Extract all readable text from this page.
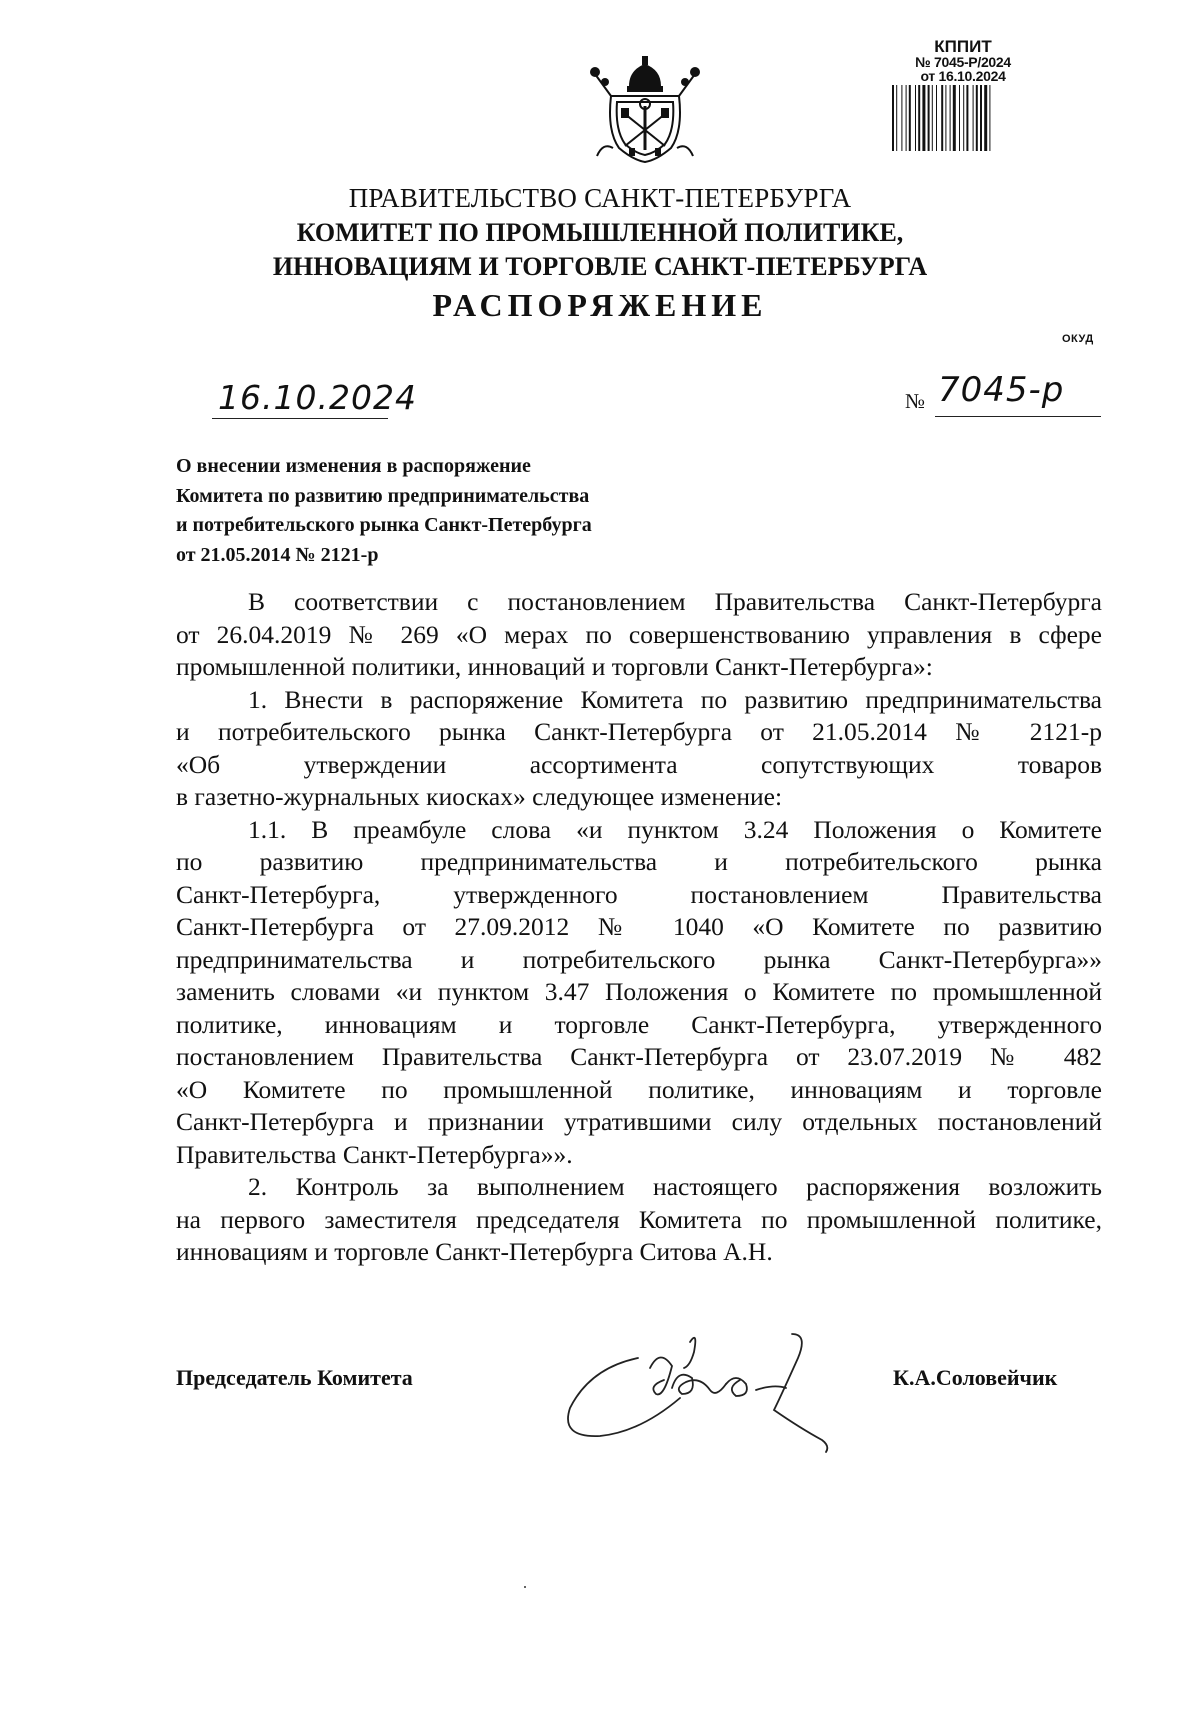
КППИТ
№ 7045-Р/2024
от 16.10.2024
ПРАВИТЕЛЬСТВО САНКТ-ПЕТЕРБУРГА
КОМИТЕТ ПО ПРОМЫШЛЕННОЙ ПОЛИТИКЕ,
ИННОВАЦИЯМ И ТОРГОВЛЕ САНКТ-ПЕТЕРБУРГА
РАСПОРЯЖЕНИЕ
ОКУД
16.10.2024	№ 7045-р
О внесении изменения в распоряжение
Комитета по развитию предпринимательства
и потребительского рынка Санкт-Петербурга
от 21.05.2014 № 2121-р
В соответствии с постановлением Правительства Санкт-Петербурга
от 26.04.2019 № 269 «О мерах по совершенствованию управления в сфере
промышленной политики, инноваций и торговли Санкт-Петербурга»:
1. Внести в распоряжение Комитета по развитию предпринимательства
и потребительского рынка Санкт-Петербурга от 21.05.2014 № 2121-р
«Об утверждении ассортимента сопутствующих товаров
в газетно-журнальных киосках» следующее изменение:
1.1. В преамбуле слова «и пунктом 3.24 Положения о Комитете
по развитию предпринимательства и потребительского рынка
Санкт-Петербурга, утвержденного постановлением Правительства
Санкт-Петербурга от 27.09.2012 № 1040 «О Комитете по развитию
предпринимательства и потребительского рынка Санкт-Петербурга»»
заменить словами «и пунктом 3.47 Положения о Комитете по промышленной
политике, инновациям и торговле Санкт-Петербурга, утвержденного
постановлением Правительства Санкт-Петербурга от 23.07.2019 № 482
«О Комитете по промышленной политике, инновациям и торговле
Санкт-Петербурга и признании утратившими силу отдельных постановлений
Правительства Санкт-Петербурга»».
2. Контроль за выполнением настоящего распоряжения возложить
на первого заместителя председателя Комитета по промышленной политике,
инновациям и торговле Санкт-Петербурга Ситова А.Н.
Председатель Комитета	К.А.Соловейчик
